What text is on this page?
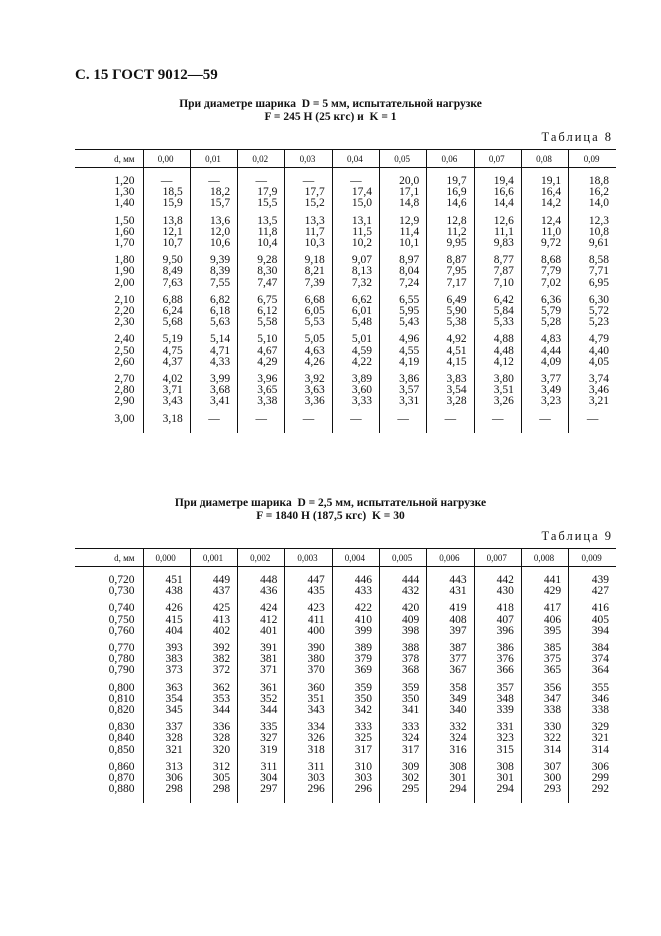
С. 15 ГОСТ 9012—59
При диаметре шарика  D = 5 мм, испытательной нагрузке
F = 245 Н (25 кгс) и  K = 1
Таблица 8
d, мм	0,00	0,01	0,02	0,03	0,04	0,05	0,06	0,07	0,08	0,09

1,20	—	—	—	—	—	20,0	19,7	19,4	19,1	18,8
1,30	18,5	18,2	17,9	17,7	17,4	17,1	16,9	16,6	16,4	16,2
1,40	15,9	15,7	15,5	15,2	15,0	14,8	14,6	14,4	14,2	14,0

1,50	13,8	13,6	13,5	13,3	13,1	12,9	12,8	12,6	12,4	12,3
1,60	12,1	12,0	11,8	11,7	11,5	11,4	11,2	11,1	11,0	10,8
1,70	10,7	10,6	10,4	10,3	10,2	10,1	9,95	9,83	9,72	9,61

1,80	9,50	9,39	9,28	9,18	9,07	8,97	8,87	8,77	8,68	8,58
1,90	8,49	8,39	8,30	8,21	8,13	8,04	7,95	7,87	7,79	7,71
2,00	7,63	7,55	7,47	7,39	7,32	7,24	7,17	7,10	7,02	6,95

2,10	6,88	6,82	6,75	6,68	6,62	6,55	6,49	6,42	6,36	6,30
2,20	6,24	6,18	6,12	6,05	6,01	5,95	5,90	5,84	5,79	5,72
2,30	5,68	5,63	5,58	5,53	5,48	5,43	5,38	5,33	5,28	5,23

2,40	5,19	5,14	5,10	5,05	5,01	4,96	4,92	4,88	4,83	4,79
2,50	4,75	4,71	4,67	4,63	4,59	4,55	4,51	4,48	4,44	4,40
2,60	4,37	4,33	4,29	4,26	4,22	4,19	4,15	4,12	4,09	4,05

2,70	4,02	3,99	3,96	3,92	3,89	3,86	3,83	3,80	3,77	3,74
2,80	3,71	3,68	3,65	3,63	3,60	3,57	3,54	3,51	3,49	3,46
2,90	3,43	3,41	3,38	3,36	3,33	3,31	3,28	3,26	3,23	3,21

3,00	3,18	—	—	—	—	—	—	—	—	—

При диаметре шарика  D = 2,5 мм, испытательной нагрузке
F = 1840 Н (187,5 кгс)  K = 30
Таблица 9
d, мм	0,000	0,001	0,002	0,003	0,004	0,005	0,006	0,007	0,008	0,009

0,720	451	449	448	447	446	444	443	442	441	439
0,730	438	437	436	435	433	432	431	430	429	427

0,740	426	425	424	423	422	420	419	418	417	416
0,750	415	413	412	411	410	409	408	407	406	405
0,760	404	402	401	400	399	398	397	396	395	394

0,770	393	392	391	390	389	388	387	386	385	384
0,780	383	382	381	380	379	378	377	376	375	374
0,790	373	372	371	370	369	368	367	366	365	364

0,800	363	362	361	360	359	359	358	357	356	355
0,810	354	353	352	351	350	350	349	348	347	346
0,820	345	344	344	343	342	341	340	339	338	338

0,830	337	336	335	334	333	333	332	331	330	329
0,840	328	328	327	326	325	324	324	323	322	321
0,850	321	320	319	318	317	317	316	315	314	314

0,860	313	312	311	311	310	309	308	308	307	306
0,870	306	305	304	303	303	302	301	301	300	299
0,880	298	298	297	296	296	295	294	294	293	292
